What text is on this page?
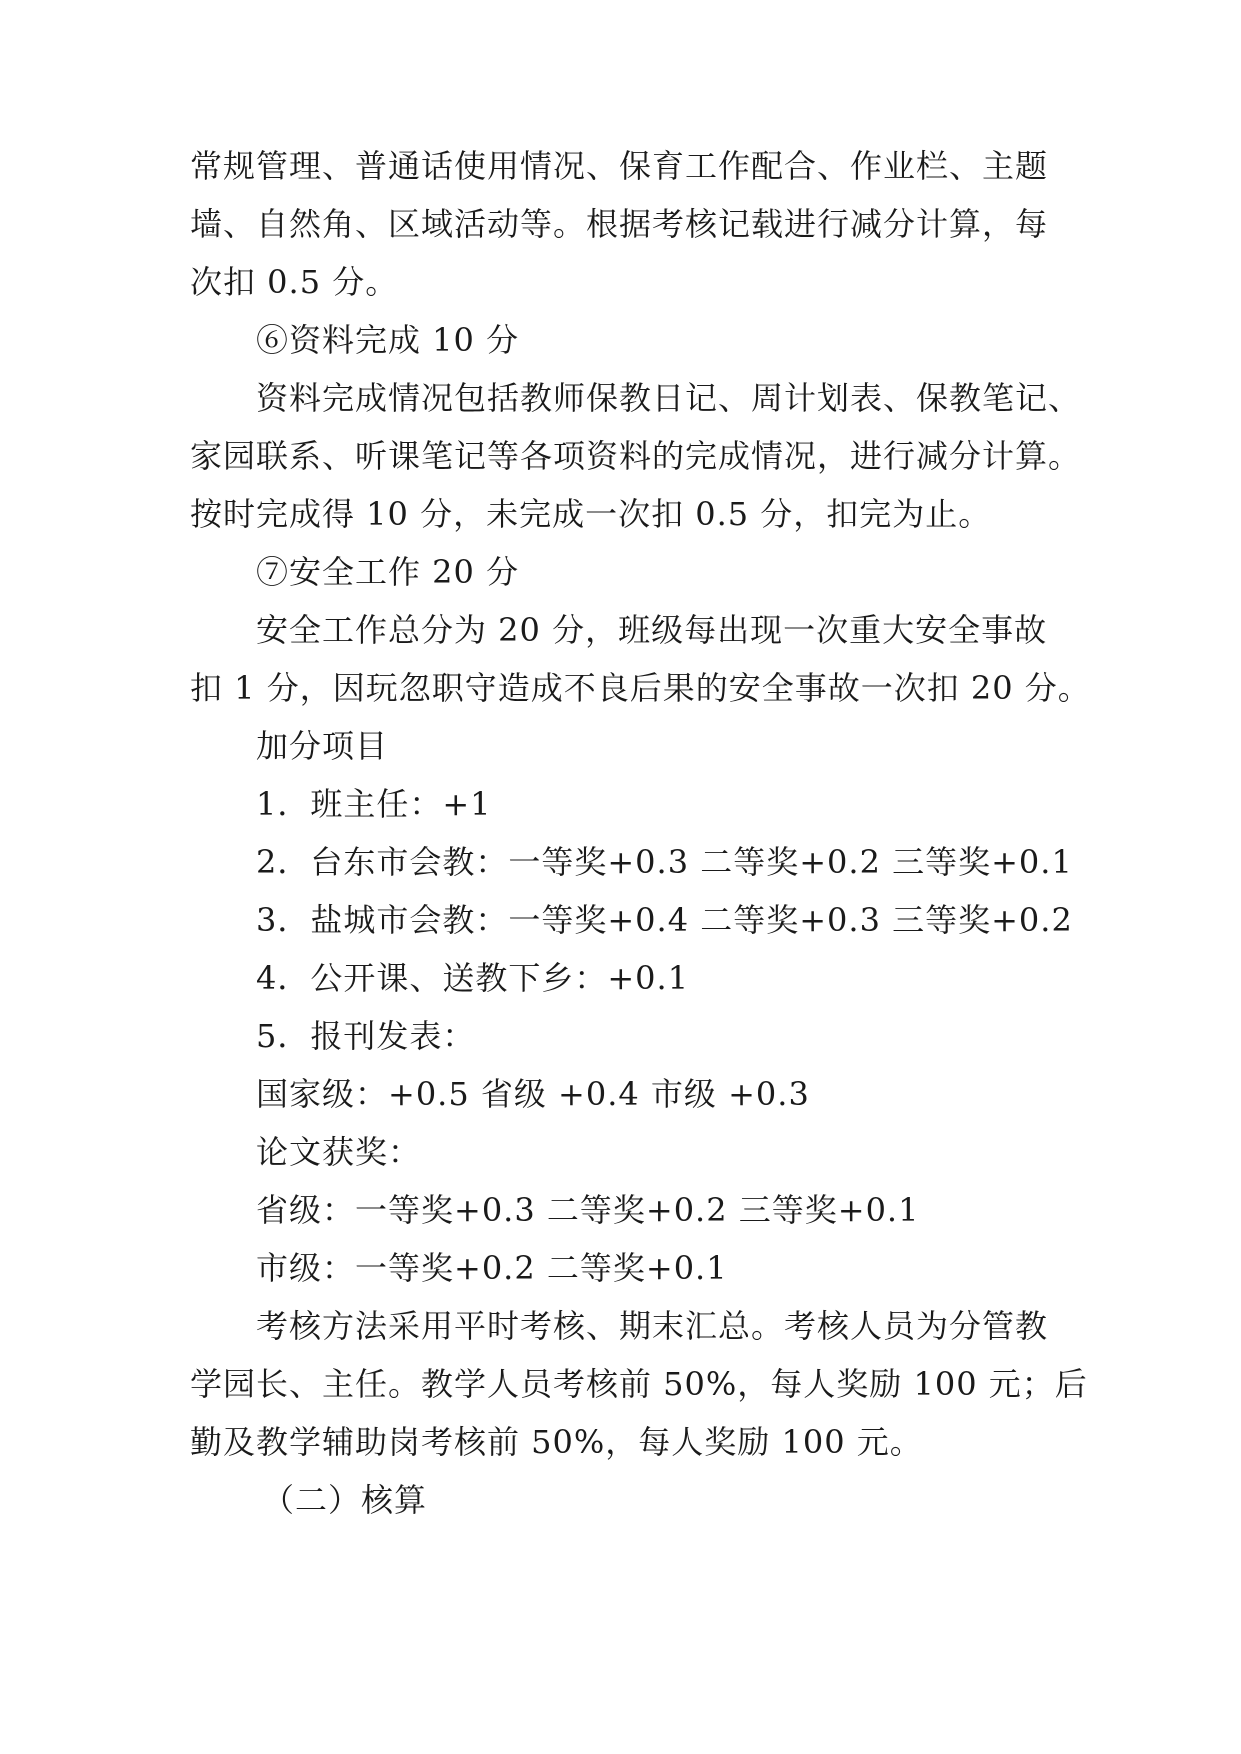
常规管理、普通话使用情况、保育工作配合、作业栏、主题
墙、自然角、区域活动等。根据考核记载进行减分计算，每
次扣 0.5 分。
⑥资料完成 10 分
资料完成情况包括教师保教日记、周计划表、保教笔记、
家园联系、听课笔记等各项资料的完成情况，进行减分计算。
按时完成得 10 分，未完成一次扣 0.5 分，扣完为止。
⑦安全工作 20 分
安全工作总分为 20 分，班级每出现一次重大安全事故
扣 1 分，因玩忽职守造成不良后果的安全事故一次扣 20 分。
加分项目
1．班主任：+1
2．台东市会教：一等奖+0.3 二等奖+0.2 三等奖+0.1
3．盐城市会教：一等奖+0.4 二等奖+0.3 三等奖+0.2
4．公开课、送教下乡：+0.1
5．报刊发表：
国家级：+0.5 省级 +0.4 市级 +0.3
论文获奖：
省级：一等奖+0.3 二等奖+0.2 三等奖+0.1
市级：一等奖+0.2 二等奖+0.1
考核方法采用平时考核、期末汇总。考核人员为分管教
学园长、主任。教学人员考核前 50%，每人奖励 100 元；后
勤及教学辅助岗考核前 50%，每人奖励 100 元。
（二）核算
